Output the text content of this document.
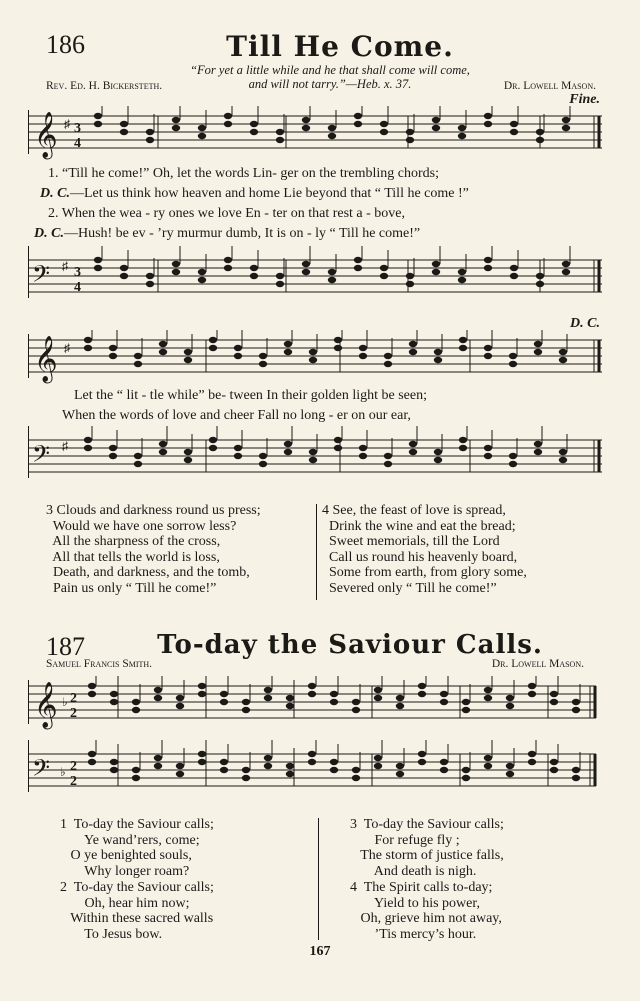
186	Till He Come.
“For yet a little while and he that shall come will come,
and will not tarry.”—Heb. x. 37.
Rev. Ed. H. Bickersteth.	Dr. Lowell Mason.
Fine.
𝄞 ♯ 3
4
1. “Till he come!” Oh, let the words Lin- ger on the trembling chords;
D. C.—Let us think how heaven and home Lie beyond that “ Till he come !”
2. When the wea - ry ones we love En - ter on that rest a - bove,
D. C.—Hush! be ev - ’ry murmur dumb, It is on - ly “ Till he come!”
𝄢 ♯ 3
4
D. C.
𝄞 ♯
Let the “ lit - tle while” be- tween In their golden light be seen;
When the words of love and cheer Fall no long - er on our ear,
𝄢 ♯
3 Clouds and darkness round us press;
Would we have one sorrow less?
All the sharpness of the cross,
All that tells the world is loss,
Death, and darkness, and the tomb,
Pain us only “ Till he come!”
4 See, the feast of love is spread,
Drink the wine and eat the bread;
Sweet memorials, till the Lord
Call us round his heavenly board,
Some from earth, from glory some,
Severed only “ Till he come!”
187	To-day the Saviour Calls.
Samuel Francis Smith.	Dr. Lowell Mason.
𝄞 ♭ 2
2
𝄢 ♭ 2
2
1  To-day the Saviour calls;
Ye wand’rers, come;
O ye benighted souls,
Why longer roam?
2  To-day the Saviour calls;
Oh, hear him now;
Within these sacred walls
To Jesus bow.
3  To-day the Saviour calls;
For refuge fly ;
The storm of justice falls,
And death is nigh.
4  The Spirit calls to-day;
Yield to his power,
Oh, grieve him not away,
’Tis mercy’s hour.
167
